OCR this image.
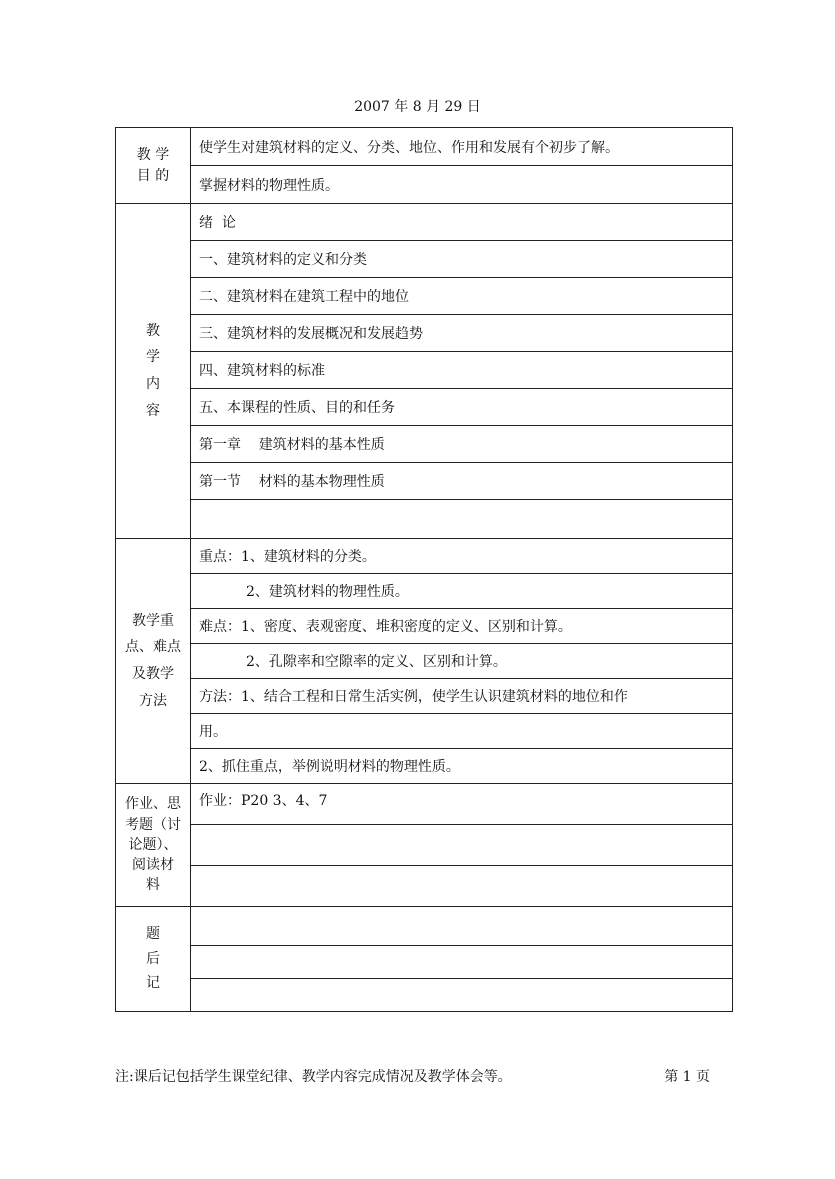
2007 年 8 月 29 日
教 学
目 的	使学生对建筑材料的定义、分类、地位、作用和发展有个初步了解。
	掌握材料的物理性质。

教
学
内
容	绪  论
	一、建筑材料的定义和分类
	二、建筑材料在建筑工程中的地位
	三、建筑材料的发展概况和发展趋势
	四、建筑材料的标准
	五、本课程的性质、目的和任务
	第一章    建筑材料的基本性质
	第一节    材料的基本物理性质

教学重
点、难点
及教学
方法	重点：1、建筑材料的分类。
	2、建筑材料的物理性质。
	难点：1、密度、表观密度、堆积密度的定义、区别和计算。
	2、孔隙率和空隙率的定义、区别和计算。
	方法：1、结合工程和日常生活实例，使学生认识建筑材料的地位和作
	用。
	2、抓住重点，举例说明材料的物理性质。

作业、思
考题（讨
论题）、
阅读材
料	作业：P20 3、4、7

题
后
记	

注:课后记包括学生课堂纪律、教学内容完成情况及教学体会等。	第 1 页
